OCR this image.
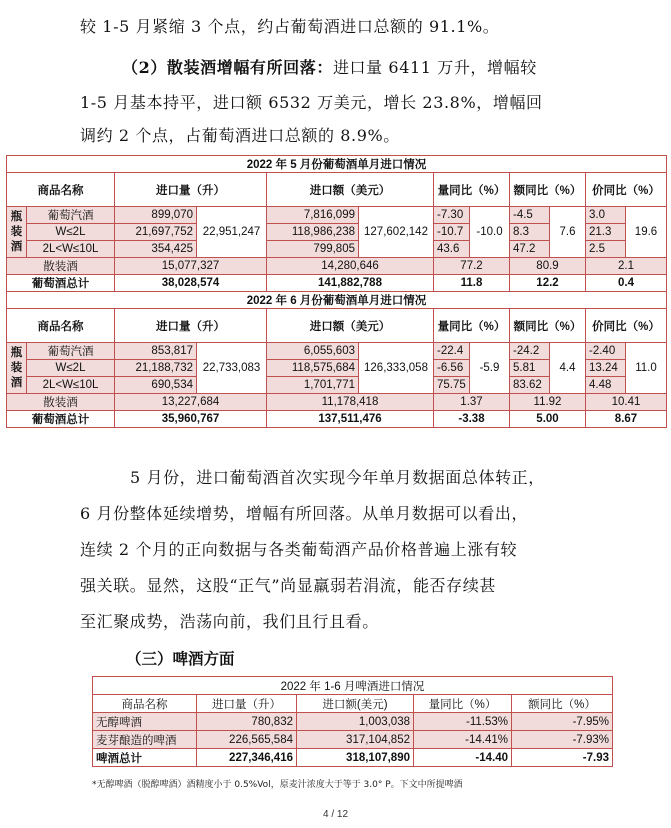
较 1-5 月紧缩 3 个点，约占葡萄酒进口总额的 91.1%。
（2）散装酒增幅有所回落：进口量 6411 万升，增幅较
1-5 月基本持平，进口额 6532 万美元，增长 23.8%，增幅回
调约 2 个点，占葡萄酒进口总额的 8.9%。
2022 年 5 月份葡萄酒单月进口情况											
商品名称		进口量（升）		进口额（美元）		量同比（%）		额同比（%）		价同比（%）	
瓶
装
酒	葡萄汽酒	899,070	22,951,247	7,816,099	127,602,142	-7.30	-10.0	-4.5	7.6	3.0	19.6
	W≤2L	21,697,752		118,986,238		-10.7		8.3		21.3	
	2L<W≤10L	354,425		799,805		43.6		47.2		2.5	
散装酒		15,077,327		14,280,646		77.2		80.9		2.1	
葡萄酒总计		38,028,574		141,882,788		11.8		12.2		0.4	
2022 年 6 月份葡萄酒单月进口情况											
商品名称		进口量（升）		进口额（美元）		量同比（%）		额同比（%）		价同比（%）	
瓶
装
酒	葡萄汽酒	853,817	22,733,083	6,055,603	126,333,058	-22.4	-5.9	-24.2	4.4	-2.40	11.0
	W≤2L	21,188,732		118,575,684		-6.56		5.81		13.24	
	2L<W≤10L	690,534		1,701,771		75.75		83.62		4.48	
散装酒		13,227,684		11,178,418		1.37		11.92		10.41	
葡萄酒总计		35,960,767		137,511,476		-3.38		5.00		8.67	
5 月份，进口葡萄酒首次实现今年单月数据面总体转正，
6 月份整体延续增势，增幅有所回落。从单月数据可以看出，
连续 2 个月的正向数据与各类葡萄酒产品价格普遍上涨有较
强关联。显然，这股“正气”尚显羸弱若涓流，能否存续甚
至汇聚成势，浩荡向前，我们且行且看。
（三）啤酒方面
2022 年 1-6 月啤酒进口情况				
商品名称	进口量（升）	进口额(美元)	量同比（%）	额同比（%）
无醇啤酒	780,832	1,003,038	-11.53%	-7.95%
麦芽酿造的啤酒	226,565,584	317,104,852	-14.41%	-7.93%
啤酒总计	227,346,416	318,107,890	-14.40	-7.93
*无醇啤酒（脱醇啤酒）酒精度小于 0.5%Vol，原麦汁浓度大于等于 3.0° P。下文中所提啤酒
4 / 12
